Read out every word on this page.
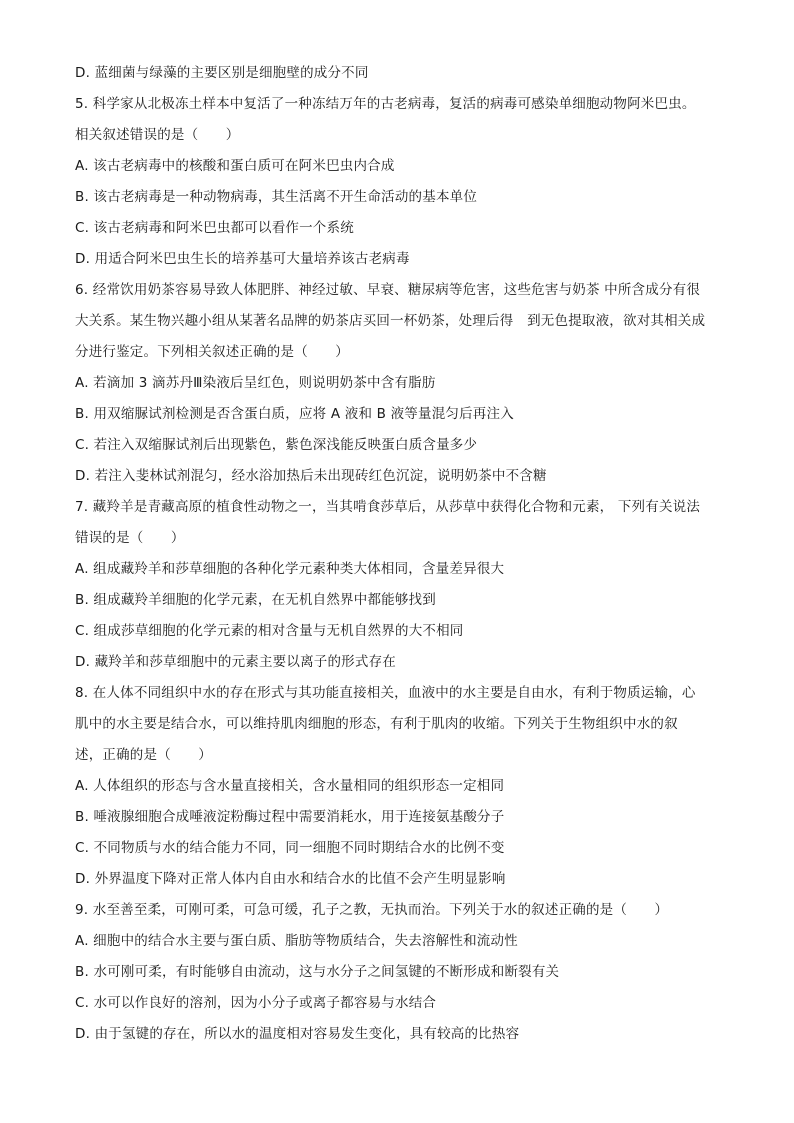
D. 蓝细菌与绿藻的主要区别是细胞壁的成分不同
5. 科学家从北极冻土样本中复活了一种冻结万年的古老病毒，复活的病毒可感染单细胞动物阿米巴虫。
相关叙述错误的是（　　）
A. 该古老病毒中的核酸和蛋白质可在阿米巴虫内合成
B. 该古老病毒是一种动物病毒，其生活离不开生命活动的基本单位
C. 该古老病毒和阿米巴虫都可以看作一个系统
D. 用适合阿米巴虫生长的培养基可大量培养该古老病毒
6. 经常饮用奶茶容易导致人体肥胖、神经过敏、早衰、糖尿病等危害，这些危害与奶茶 中所含成分有很
大关系。某生物兴趣小组从某著名品牌的奶茶店买回一杯奶茶，处理后得　到无色提取液，欲对其相关成
分进行鉴定。下列相关叙述正确的是（　　）
A. 若滴加 3 滴苏丹Ⅲ染液后呈红色，则说明奶茶中含有脂肪
B. 用双缩脲试剂检测是否含蛋白质，应将 A 液和 B 液等量混匀后再注入
C. 若注入双缩脲试剂后出现紫色，紫色深浅能反映蛋白质含量多少
D. 若注入斐林试剂混匀，经水浴加热后未出现砖红色沉淀，说明奶茶中不含糖
7. 藏羚羊是青藏高原的植食性动物之一，当其啃食莎草后，从莎草中获得化合物和元素， 下列有关说法
错误的是（　　）
A. 组成藏羚羊和莎草细胞的各种化学元素种类大体相同，含量差异很大
B. 组成藏羚羊细胞的化学元素，在无机自然界中都能够找到
C. 组成莎草细胞的化学元素的相对含量与无机自然界的大不相同
D. 藏羚羊和莎草细胞中的元素主要以离子的形式存在
8. 在人体不同组织中水的存在形式与其功能直接相关，血液中的水主要是自由水，有利于物质运输，心
肌中的水主要是结合水，可以维持肌肉细胞的形态，有利于肌肉的收缩。下列关于生物组织中水的叙
述，正确的是（　　）
A. 人体组织的形态与含水量直接相关，含水量相同的组织形态一定相同
B. 唾液腺细胞合成唾液淀粉酶过程中需要消耗水，用于连接氨基酸分子
C. 不同物质与水的结合能力不同，同一细胞不同时期结合水的比例不变
D. 外界温度下降对正常人体内自由水和结合水的比值不会产生明显影响
9. 水至善至柔，可刚可柔，可急可缓，孔子之教，无执而治。下列关于水的叙述正确的是（　　）
A. 细胞中的结合水主要与蛋白质、脂肪等物质结合，失去溶解性和流动性
B. 水可刚可柔，有时能够自由流动，这与水分子之间氢键的不断形成和断裂有关
C. 水可以作良好的溶剂，因为小分子或离子都容易与水结合
D. 由于氢键的存在，所以水的温度相对容易发生变化，具有较高的比热容
